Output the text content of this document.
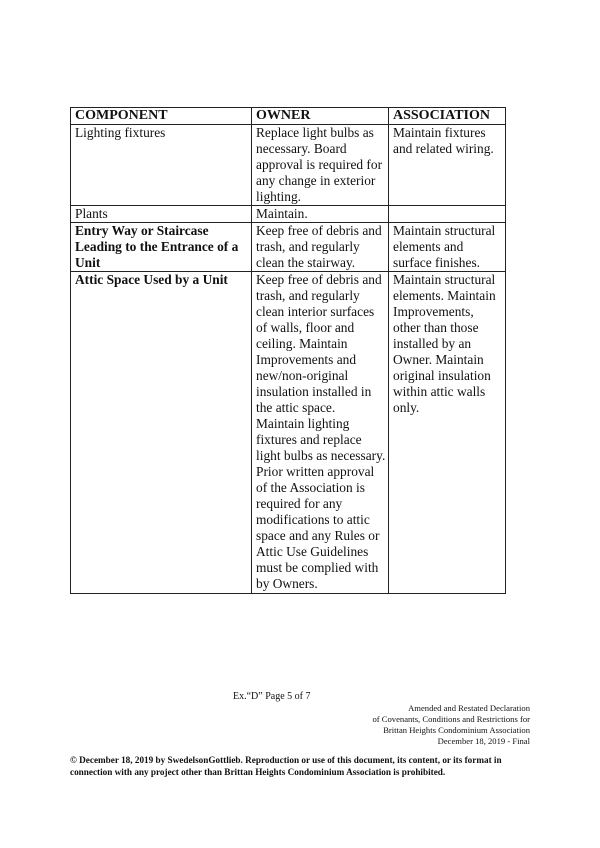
COMPONENT	OWNER	ASSOCIATION
Lighting fixtures	Replace light bulbs as necessary. Board approval is required for any change in exterior lighting.	Maintain fixtures and related wiring.
Plants	Maintain.	
Entry Way or Staircase Leading to the Entrance of a Unit	Keep free of debris and trash, and regularly clean the stairway.	Maintain structural elements and surface finishes.
Attic Space Used by a Unit	Keep free of debris and trash, and regularly clean interior surfaces of walls, floor and ceiling. Maintain Improvements and new/non-original insulation installed in the attic space. Maintain lighting fixtures and replace light bulbs as necessary. Prior written approval of the Association is required for any modifications to attic space and any Rules or Attic Use Guidelines must be complied with by Owners.	Maintain structural elements. Maintain Improvements, other than those installed by an Owner. Maintain original insulation within attic walls only.
Ex.“D” Page 5 of 7
Amended and Restated Declaration
of Covenants, Conditions and Restrictions for
Brittan Heights Condominium Association
December 18, 2019 - Final
© December 18, 2019 by SwedelsonGottlieb. Reproduction or use of this document, its content, or its format in connection with any project other than Brittan Heights Condominium Association is prohibited.
